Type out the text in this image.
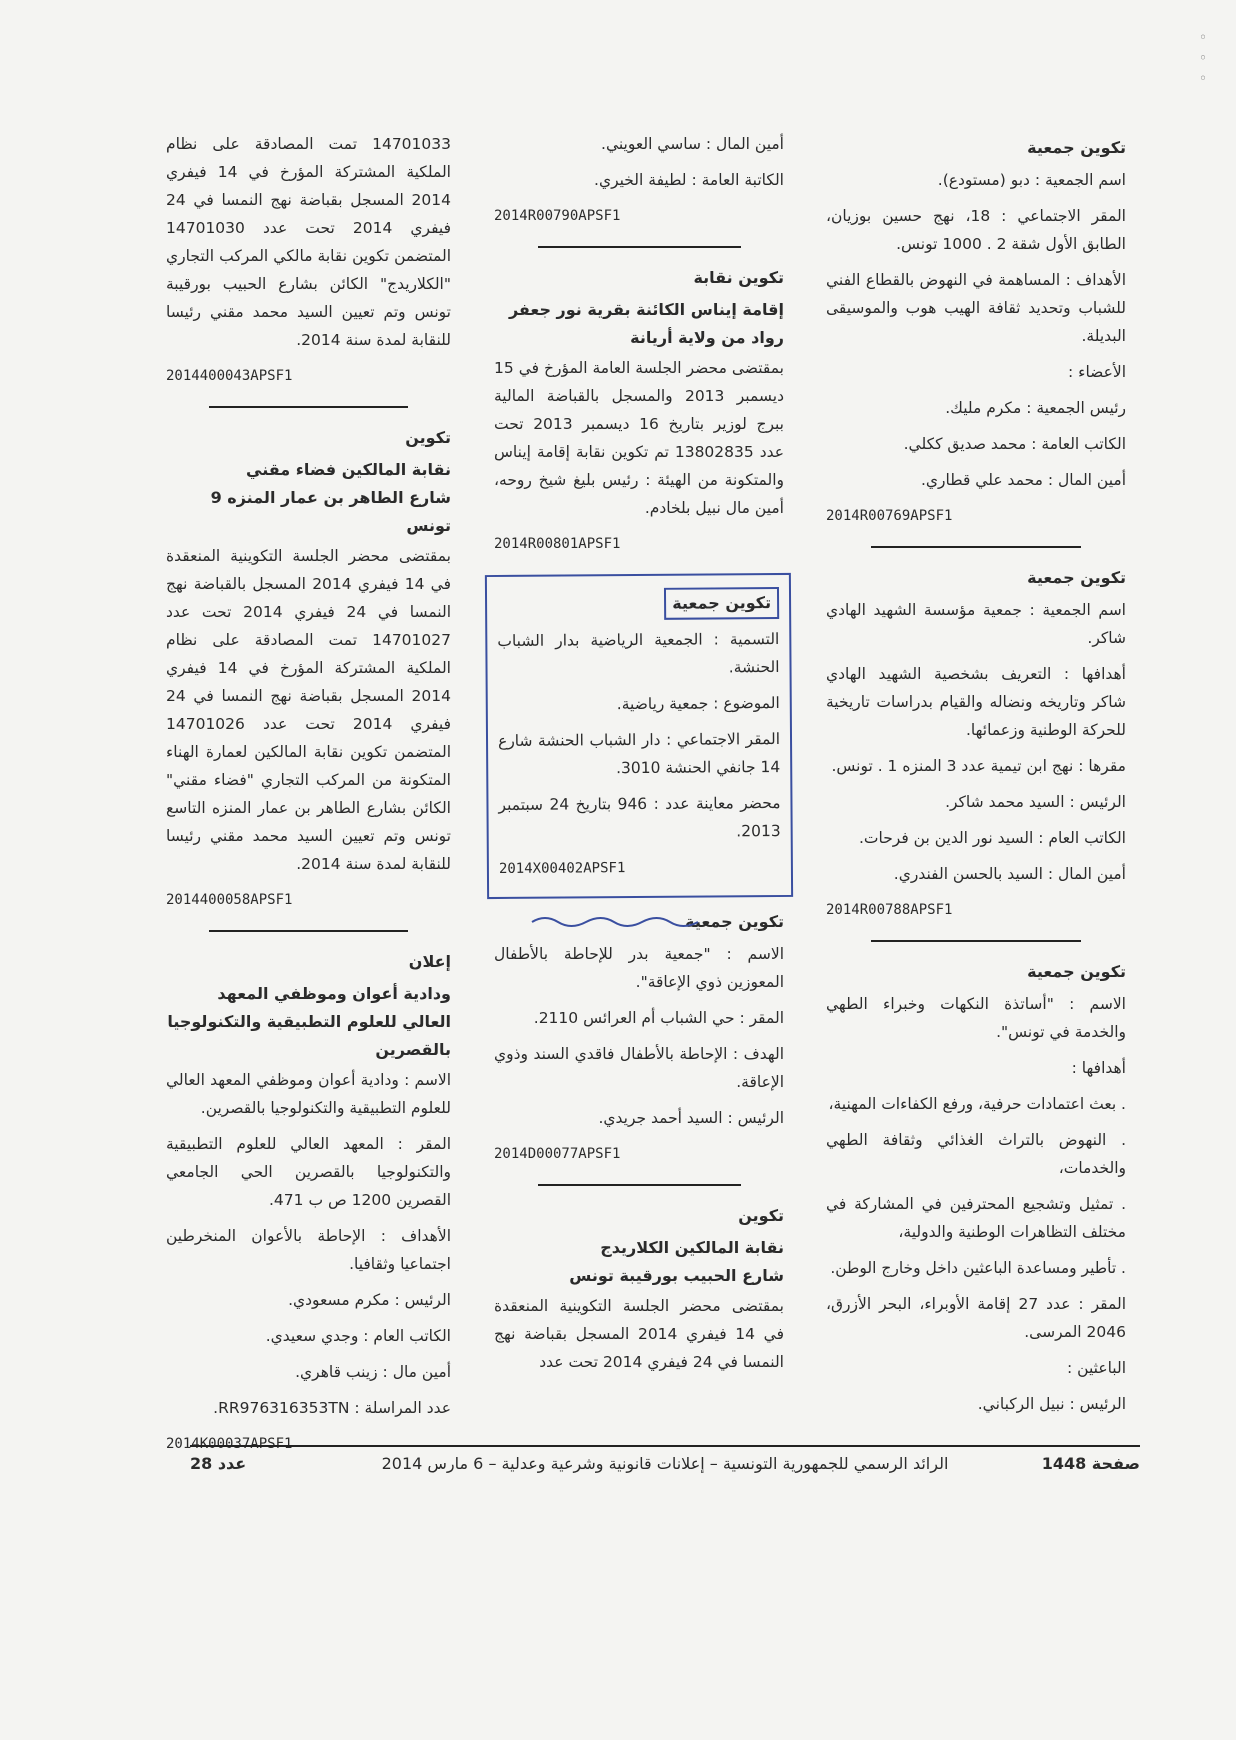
◦ ◦ ◦
تكوين جمعية
اسم الجمعية : دبو (مستودع).
المقر الاجتماعي : 18، نهج حسين بوزيان، الطابق الأول شقة 2 . 1000 تونس.
الأهداف : المساهمة في النهوض بالقطاع الفني للشباب وتحديد ثقافة الهيب هوب والموسيقى البديلة.
الأعضاء :
رئيس الجمعية : مكرم مليك.
الكاتب العامة : محمد صديق ككلي.
أمين المال : محمد علي قطاري.
2014R00769APSF1
تكوين جمعية
اسم الجمعية : جمعية مؤسسة الشهيد الهادي شاكر.
أهدافها : التعريف بشخصية الشهيد الهادي شاكر وتاريخه ونضاله والقيام بدراسات تاريخية للحركة الوطنية وزعمائها.
مقرها : نهج ابن تيمية عدد 3 المنزه 1 . تونس.
الرئيس : السيد محمد شاكر.
الكاتب العام : السيد نور الدين بن فرحات.
أمين المال : السيد بالحسن الفندري.
2014R00788APSF1
تكوين جمعية
الاسم : "أساتذة النكهات وخبراء الطهي والخدمة في تونس".
أهدافها :
. بعث اعتمادات حرفية، ورفع الكفاءات المهنية،
. النهوض بالتراث الغذائي وثقافة الطهي والخدمات،
. تمثيل وتشجيع المحترفين في المشاركة في مختلف التظاهرات الوطنية والدولية،
. تأطير ومساعدة الباعثين داخل وخارج الوطن.
المقر : عدد 27 إقامة الأوبراء، البحر الأزرق، 2046 المرسى.
الباعثين :
الرئيس : نبيل الركباني.
أمين المال : ساسي العويني.
الكاتبة العامة : لطيفة الخيري.
2014R00790APSF1
تكوين نقابة
إقامة إيناس الكائنة بقرية نور جعفر رواد من ولاية أريانة
بمقتضى محضر الجلسة العامة المؤرخ في 15 ديسمبر 2013 والمسجل بالقباضة المالية ببرج لوزير بتاريخ 16 ديسمبر 2013 تحت عدد 13802835 تم تكوين نقابة إقامة إيناس والمتكونة من الهيئة : رئيس بليغ شيخ روحه، أمين مال نبيل بلخادم.
2014R00801APSF1
تكوين جمعية
التسمية : الجمعية الرياضية بدار الشباب الحنشة.
الموضوع : جمعية رياضية.
المقر الاجتماعي : دار الشباب الحنشة شارع 14 جانفي الحنشة 3010.
محضر معاينة عدد : 946 بتاريخ 24 سبتمبر 2013.
2014X00402APSF1
تكوين جمعية
الاسم : "جمعية بدر للإحاطة بالأطفال المعوزين ذوي الإعاقة".
المقر : حي الشباب أم العرائس 2110.
الهدف : الإحاطة بالأطفال فاقدي السند وذوي الإعاقة.
الرئيس : السيد أحمد جريدي.
2014D00077APSF1
تكوين
نقابة المالكين الكلاريدج
شارع الحبيب بورقيبة تونس
بمقتضى محضر الجلسة التكوينية المنعقدة في 14 فيفري 2014 المسجل بقباضة نهج النمسا في 24 فيفري 2014 تحت عدد
14701033 تمت المصادقة على نظام الملكية المشتركة المؤرخ في 14 فيفري 2014 المسجل بقباضة نهج النمسا في 24 فيفري 2014 تحت عدد 14701030 المتضمن تكوين نقابة مالكي المركب التجاري "الكلاريدج" الكائن بشارع الحبيب بورقيبة تونس وتم تعيين السيد محمد مقني رئيسا للنقابة لمدة سنة 2014.
2014400043APSF1
تكوين
نقابة المالكين فضاء مقني
شارع الطاهر بن عمار المنزه 9 تونس
بمقتضى محضر الجلسة التكوينية المنعقدة في 14 فيفري 2014 المسجل بالقباضة نهج النمسا في 24 فيفري 2014 تحت عدد 14701027 تمت المصادقة على نظام الملكية المشتركة المؤرخ في 14 فيفري 2014 المسجل بقباضة نهج النمسا في 24 فيفري 2014 تحت عدد 14701026 المتضمن تكوين نقابة المالكين لعمارة الهناء المتكونة من المركب التجاري "فضاء مقني" الكائن بشارع الطاهر بن عمار المنزه التاسع تونس وتم تعيين السيد محمد مقني رئيسا للنقابة لمدة سنة 2014.
2014400058APSF1
إعلان
ودادية أعوان وموظفي المعهد العالي للعلوم التطبيقية والتكنولوجيا بالقصرين
الاسم : ودادية أعوان وموظفي المعهد العالي للعلوم التطبيقية والتكنولوجيا بالقصرين.
المقر : المعهد العالي للعلوم التطبيقية والتكنولوجيا بالقصرين الحي الجامعي القصرين 1200 ص ب 471.
الأهداف : الإحاطة بالأعوان المنخرطين اجتماعيا وثقافيا.
الرئيس : مكرم مسعودي.
الكاتب العام : وجدي سعيدي.
أمين مال : زينب قاهري.
عدد المراسلة : RR976316353TN.
2014K00037APSF1
صفحة 1448
الرائد الرسمي للجمهورية التونسية – إعلانات قانونية وشرعية وعدلية – 6 مارس 2014
عدد 28
